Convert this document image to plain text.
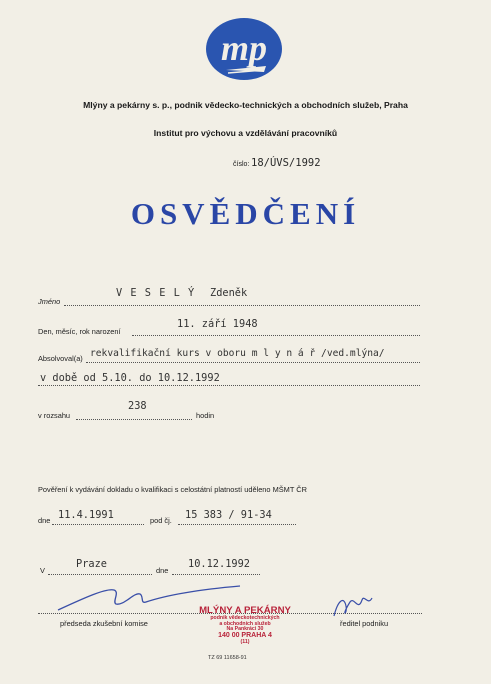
mp
Mlýny a pekárny s. p., podnik vědecko-technických a obchodních služeb, Praha
Institut pro výchovu a vzdělávání pracovníků
číslo: 18/ÚVS/1992
OSVĚDČENÍ
Jméno
V E S E L Ý Zdeněk
Den, měsíc, rok narození
11. září 1948
Absolvoval(a) rekvalifikační kurs v oboru m l y n á ř /ved.mlýna/
v době od 5.10. do 10.12.1992
v rozsahu
238
hodin
Pověření k vydávání dokladu o kvalifikaci s celostátní platností uděleno MŠMT ČR
dne 11.4.1991	pod čj. 15 383 / 91-34
V
Praze
dne
10.12.1992
předseda zkušební komise	ředitel podniku
MLÝNY A PEKÁRNY
podnik vědeckotechnických
a obchodních služeb
Na Pankráci 30
140 00 PRAHA 4
(11)
TZ 69 11658-91
